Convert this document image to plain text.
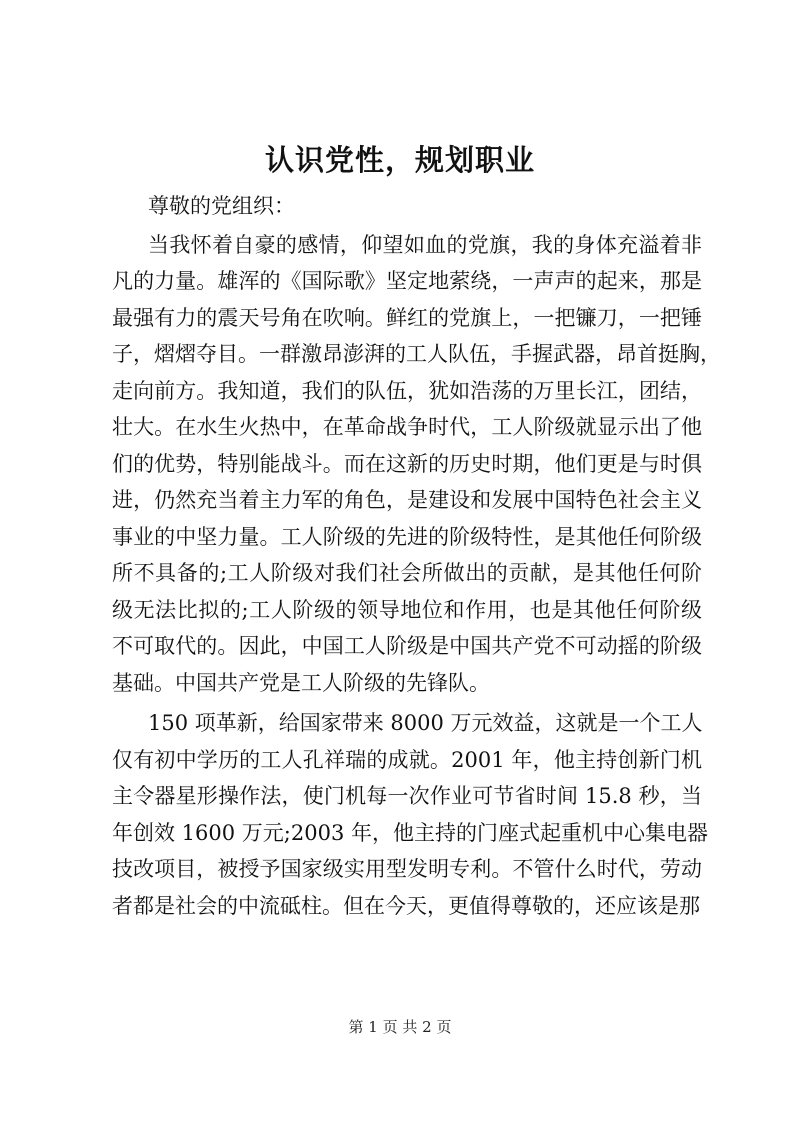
认识党性，规划职业
尊敬的党组织：
当我怀着自豪的感情，仰望如血的党旗，我的身体充溢着非
凡的力量。雄浑的《国际歌》坚定地萦绕，一声声的起来，那是
最强有力的震天号角在吹响。鲜红的党旗上，一把镰刀，一把锤
子，熠熠夺目。一群激昂澎湃的工人队伍，手握武器，昂首挺胸，
走向前方。我知道，我们的队伍，犹如浩荡的万里长江，团结，
壮大。在水生火热中，在革命战争时代，工人阶级就显示出了他
们的优势，特别能战斗。而在这新的历史时期，他们更是与时俱
进，仍然充当着主力军的角色，是建设和发展中国特色社会主义
事业的中坚力量。工人阶级的先进的阶级特性，是其他任何阶级
所不具备的;工人阶级对我们社会所做出的贡献，是其他任何阶
级无法比拟的;工人阶级的领导地位和作用，也是其他任何阶级
不可取代的。因此，中国工人阶级是中国共产党不可动摇的阶级
基础。中国共产党是工人阶级的先锋队。
150 项革新，给国家带来 8000 万元效益，这就是一个工人
仅有初中学历的工人孔祥瑞的成就。2001 年，他主持创新门机
主令器星形操作法，使门机每一次作业可节省时间 15.8 秒，当
年创效 1600 万元;2003 年，他主持的门座式起重机中心集电器
技改项目，被授予国家级实用型发明专利。不管什么时代，劳动
者都是社会的中流砥柱。但在今天，更值得尊敬的，还应该是那
第 1 页 共 2 页
